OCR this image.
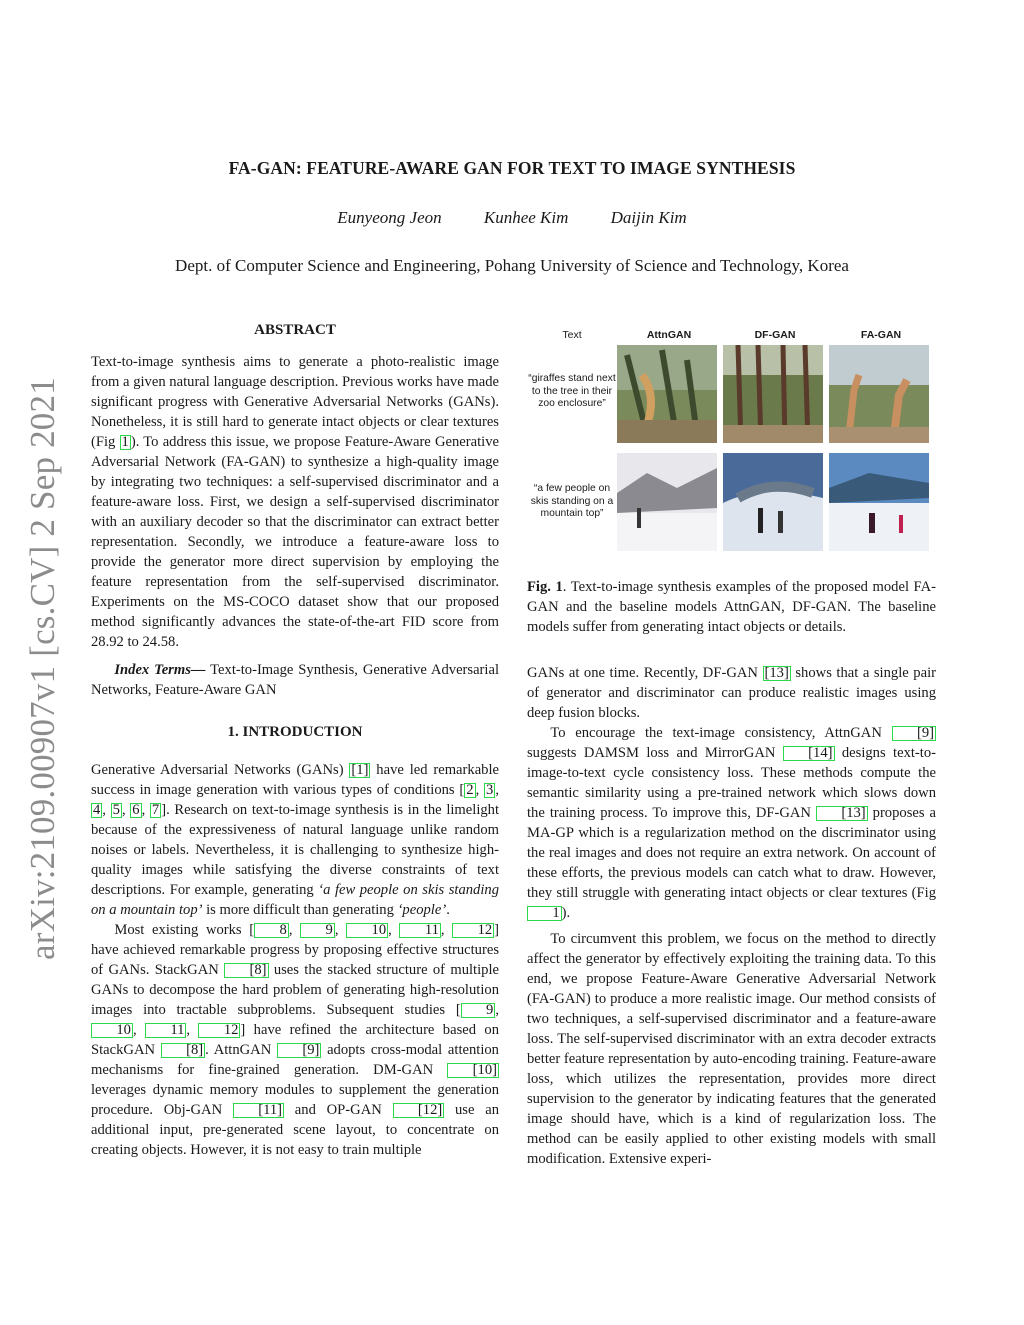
arXiv:2109.00907v1 [cs.CV] 2 Sep 2021
FA-GAN: FEATURE-AWARE GAN FOR TEXT TO IMAGE SYNTHESIS
Eunyeong Jeon Kunhee Kim Daijin Kim
Dept. of Computer Science and Engineering, Pohang University of Science and Technology, Korea

ABSTRACT

Text-to-image synthesis aims to generate a photo-realistic image from a given natural language description. Previous works have made significant progress with Generative Adversarial Networks (GANs). Nonetheless, it is still hard to generate intact objects or clear textures (Fig 1 ). To address this issue, we propose Feature-Aware Generative Adversarial Network (FA-GAN) to synthesize a high-quality image by integrating two techniques: a self-supervised discriminator and a feature-aware loss. First, we design a self-supervised discriminator with an auxiliary decoder so that the discriminator can extract better representation. Secondly, we introduce a feature-aware loss to provide the generator more direct supervision by employing the feature representation from the self-supervised discriminator. Experiments on the MS-COCO dataset show that our proposed method significantly advances the state-of-the-art FID score from 28.92 to 24.58.

Index Terms— Text-to-Image Synthesis, Generative Adversarial Networks, Feature-Aware GAN

1. INTRODUCTION

Generative Adversarial Networks (GANs) [1] have led remarkable success in image generation with various types of conditions [ 2 , 3 , 4 , 5 , 6 , 7 ]. Research on text-to-image synthesis is in the limelight because of the expressiveness of natural language unlike random noises or labels. Nevertheless, it is challenging to synthesize high-quality images while satisfying the diverse constraints of text descriptions. For example, generating ‘a few people on skis standing on a mountain top’ is more difficult than generating ‘people’.

Most existing works [ 8 , 9 , 10 , 11 , 12 ] have achieved remarkable progress by proposing effective structures of GANs. StackGAN [8] uses the stacked structure of multiple GANs to decompose the hard problem of generating high-resolution images into tractable subproblems. Subsequent studies [ 9 , 10 , 11 , 12 ] have refined the architecture based on StackGAN [8] . AttnGAN [9] adopts cross-modal attention mechanisms for fine-grained generation. DM-GAN [10] leverages dynamic memory modules to supplement the generation procedure. Obj-GAN [11] and OP-GAN [12] use an additional input, pre-generated scene layout, to concentrate on creating objects. However, it is not easy to train multiple

Text	AttnGAN	DF-GAN	FA-GAN
“giraffes stand next to the tree in their zoo enclosure”
“a few people on skis standing on a mountain top”

Fig. 1. Text-to-image synthesis examples of the proposed model FA-GAN and the baseline models AttnGAN, DF-GAN. The baseline models suffer from generating intact objects or details.

GANs at one time. Recently, DF-GAN [13] shows that a single pair of generator and discriminator can produce realistic images using deep fusion blocks.

To encourage the text-image consistency, AttnGAN [9] suggests DAMSM loss and MirrorGAN [14] designs text-to-image-to-text cycle consistency loss. These methods compute the semantic similarity using a pre-trained network which slows down the training process. To improve this, DF-GAN [13] proposes a MA-GP which is a regularization method on the discriminator using the real images and does not require an extra network. On account of these efforts, the previous models can catch what to draw. However, they still struggle with generating intact objects or clear textures (Fig 1 ).

To circumvent this problem, we focus on the method to directly affect the generator by effectively exploiting the training data. To this end, we propose Feature-Aware Generative Adversarial Network (FA-GAN) to produce a more realistic image. Our method consists of two techniques, a self-supervised discriminator and a feature-aware loss. The self-supervised discriminator with an extra decoder extracts better feature representation by auto-encoding training. Feature-aware loss, which utilizes the representation, provides more direct supervision to the generator by indicating features that the generated image should have, which is a kind of regularization loss. The method can be easily applied to other existing models with small modification. Extensive experi-
